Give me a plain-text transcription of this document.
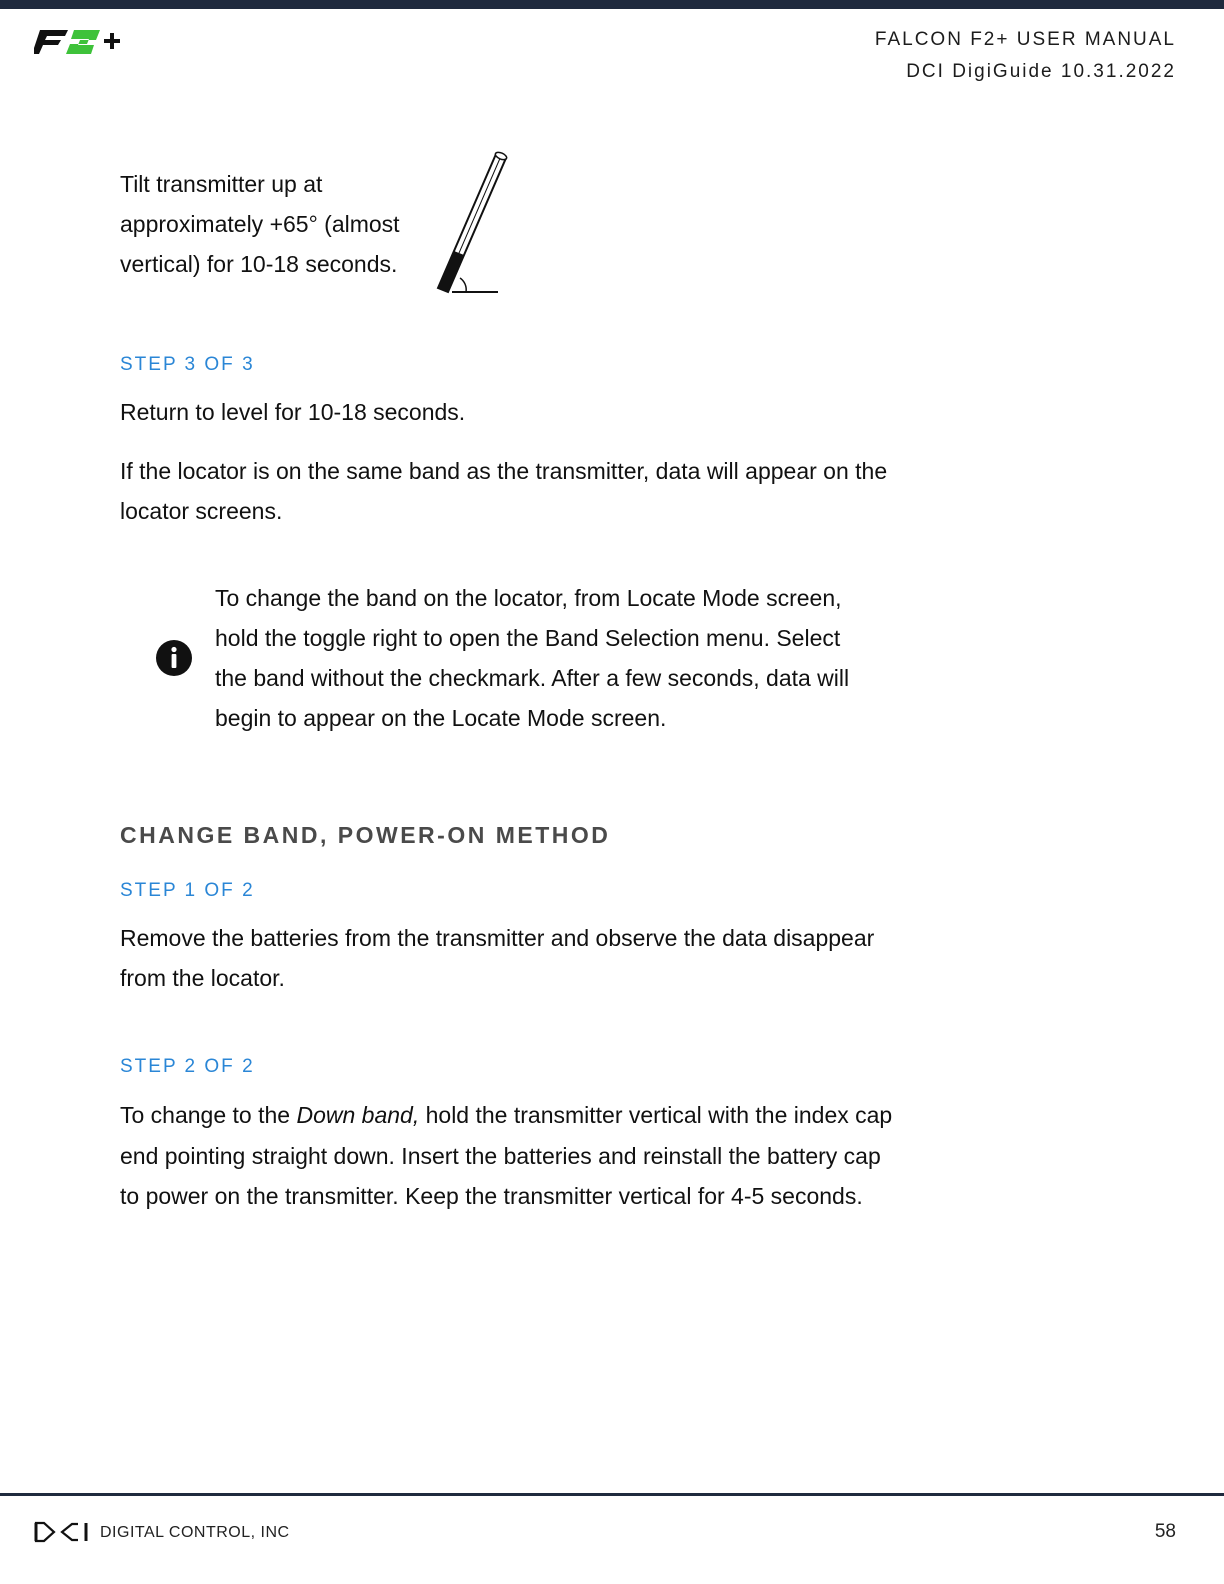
FALCON F2+ USER MANUAL
DCI DigiGuide 10.31.2022

Tilt transmitter up at

approximately +65° (almost

vertical) for 10-18 seconds.

STEP 3 OF 3

Return to level for 10-18 seconds.

If the locator is on the same band as the transmitter, data will appear on the

locator screens.

To change the band on the locator, from Locate Mode screen,
hold the toggle right to open the Band Selection menu. Select
the band without the checkmark. After a few seconds, data will
begin to appear on the Locate Mode screen.
CHANGE BAND, POWER-ON METHOD

STEP 1 OF 2

Remove the batteries from the transmitter and observe the data disappear

from the locator.

STEP 2 OF 2

To change to the Down band, hold the transmitter vertical with the index cap

end pointing straight down. Insert the batteries and reinstall the battery cap

to power on the transmitter. Keep the transmitter vertical for 4-5 seconds.

DIGITAL CONTROL, INC	58
